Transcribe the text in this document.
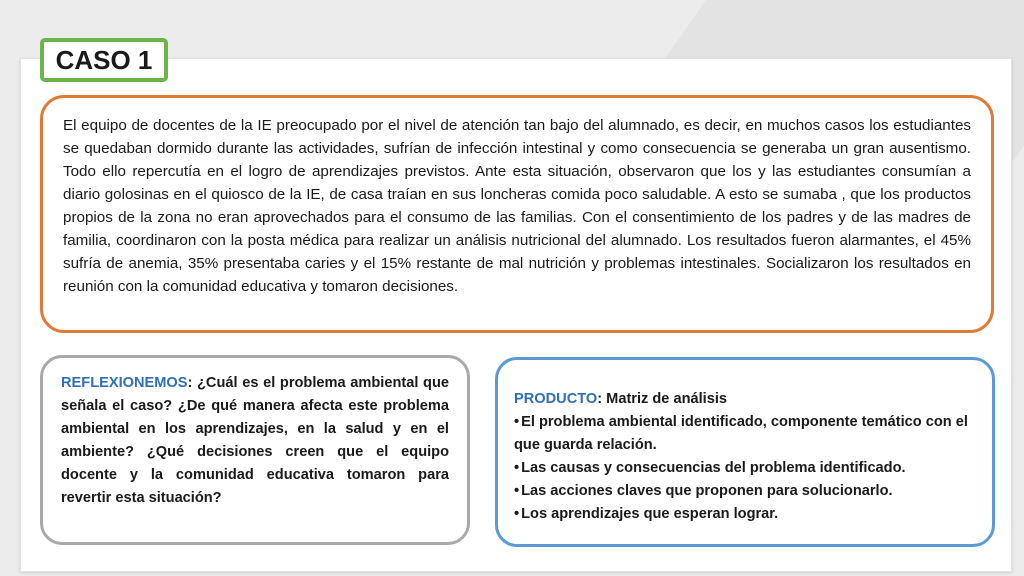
CASO 1

El equipo de docentes de la IE preocupado por el nivel de atención tan bajo del alumnado, es decir, en muchos casos los estudiantes se quedaban dormido durante las actividades, sufrían de infección intestinal y como consecuencia se generaba un gran ausentismo. Todo ello repercutía en el logro de aprendizajes previstos. Ante esta situación, observaron que los y las estudiantes consumían a diario golosinas en el quiosco de la IE, de casa traían en sus loncheras comida poco saludable. A esto se sumaba , que los productos propios de la zona no eran aprovechados para el consumo de las familias. Con el consentimiento de los padres y de las madres de familia, coordinaron con la posta médica para realizar un análisis nutricional del alumnado. Los resultados fueron alarmantes, el 45% sufría de anemia, 35% presentaba caries y el 15% restante de mal nutrición y problemas intestinales. Socializaron los resultados en reunión con la comunidad educativa y tomaron decisiones.

REFLEXIONEMOS: ¿Cuál es el problema ambiental que señala el caso? ¿De qué manera afecta este problema ambiental en los aprendizajes, en la salud y en el ambiente? ¿Qué decisiones creen que el equipo docente y la comunidad educativa tomaron para revertir esta situación?

PRODUCTO: Matriz de análisis

• El problema ambiental identificado, componente temático con el que guarda relación.
• Las causas y consecuencias del problema identificado.
• Las acciones claves que proponen para solucionarlo.
• Los aprendizajes que esperan lograr.
